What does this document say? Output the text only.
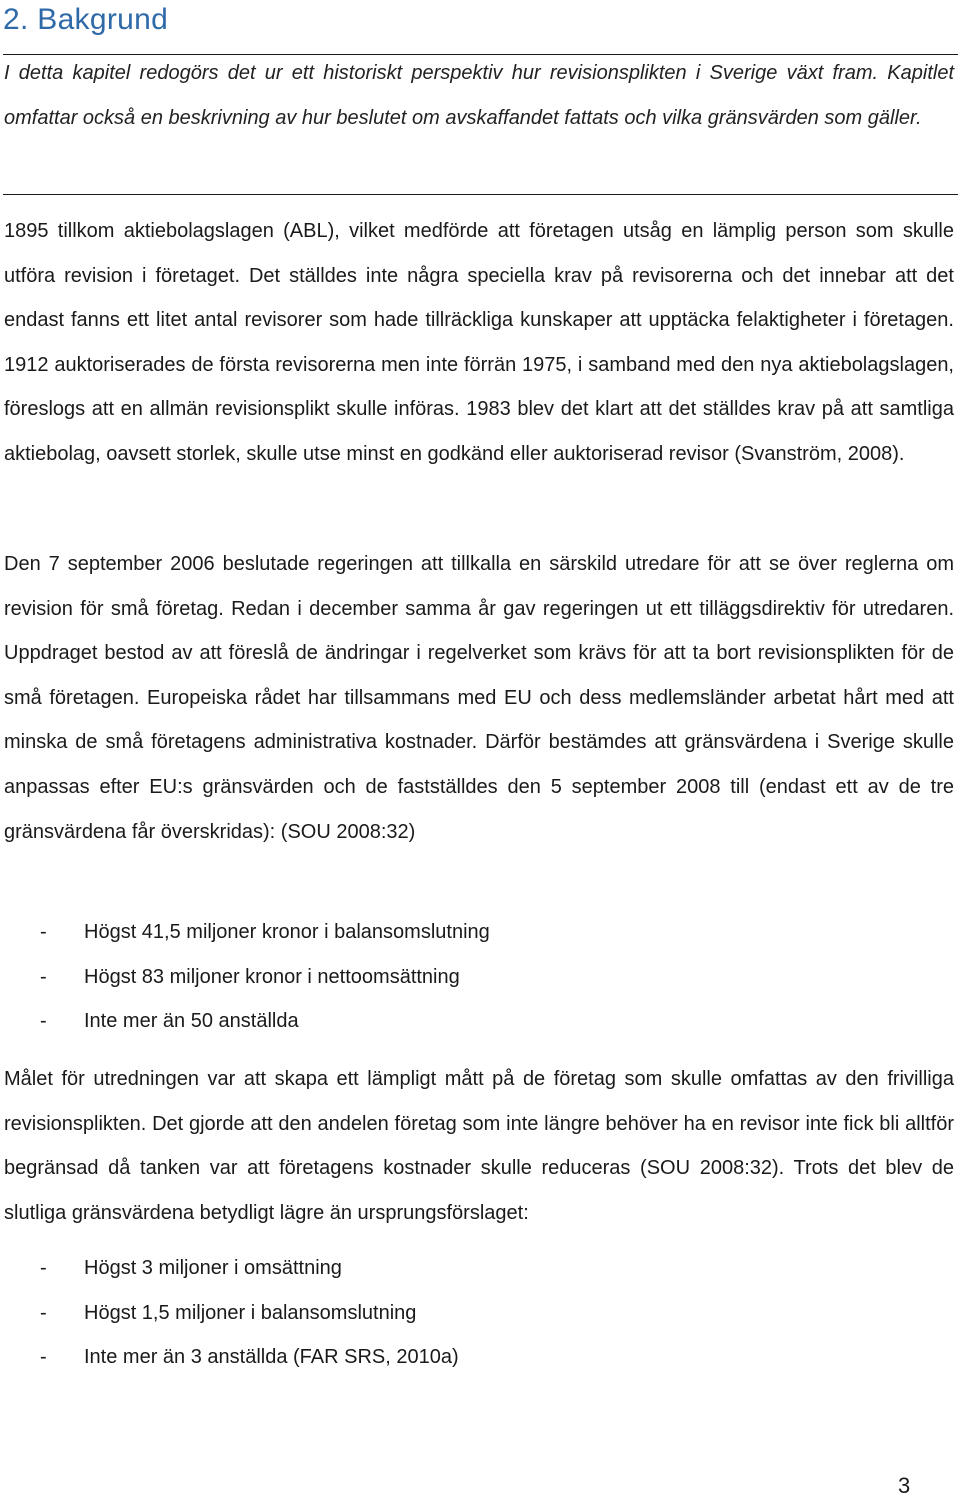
2. Bakgrund

I detta kapitel redogörs det ur ett historiskt perspektiv hur revisionsplikten i Sverige växt fram. Kapitlet omfattar också en beskrivning av hur beslutet om avskaffandet fattats och vilka gränsvärden som gäller.

1895 tillkom aktiebolagslagen (ABL), vilket medförde att företagen utsåg en lämplig person som skulle utföra revision i företaget. Det ställdes inte några speciella krav på revisorerna och det innebar att det endast fanns ett litet antal revisorer som hade tillräckliga kunskaper att upptäcka felaktigheter i företagen. 1912 auktoriserades de första revisorerna men inte förrän 1975, i samband med den nya aktiebolagslagen, föreslogs att en allmän revisionsplikt skulle införas. 1983 blev det klart att det ställdes krav på att samtliga aktiebolag, oavsett storlek, skulle utse minst en godkänd eller auktoriserad revisor (Svanström, 2008).

Den 7 september 2006 beslutade regeringen att tillkalla en särskild utredare för att se över reglerna om revision för små företag. Redan i december samma år gav regeringen ut ett tilläggsdirektiv för utredaren. Uppdraget bestod av att föreslå de ändringar i regelverket som krävs för att ta bort revisionsplikten för de små företagen. Europeiska rådet har tillsammans med EU och dess medlemsländer arbetat hårt med att minska de små företagens administrativa kostnader. Därför bestämdes att gränsvärdena i Sverige skulle anpassas efter EU:s gränsvärden och de fastställdes den 5 september 2008 till (endast ett av de tre gränsvärdena får överskridas): (SOU 2008:32)

- Högst 41,5 miljoner kronor i balansomslutning
- Högst 83 miljoner kronor i nettoomsättning
- Inte mer än 50 anställda

Målet för utredningen var att skapa ett lämpligt mått på de företag som skulle omfattas av den frivilliga revisionsplikten. Det gjorde att den andelen företag som inte längre behöver ha en revisor inte fick bli alltför begränsad då tanken var att företagens kostnader skulle reduceras (SOU 2008:32). Trots det blev de slutliga gränsvärdena betydligt lägre än ursprungsförslaget:

- Högst 3 miljoner i omsättning
- Högst 1,5 miljoner i balansomslutning
- Inte mer än 3 anställda (FAR SRS, 2010a)
3
